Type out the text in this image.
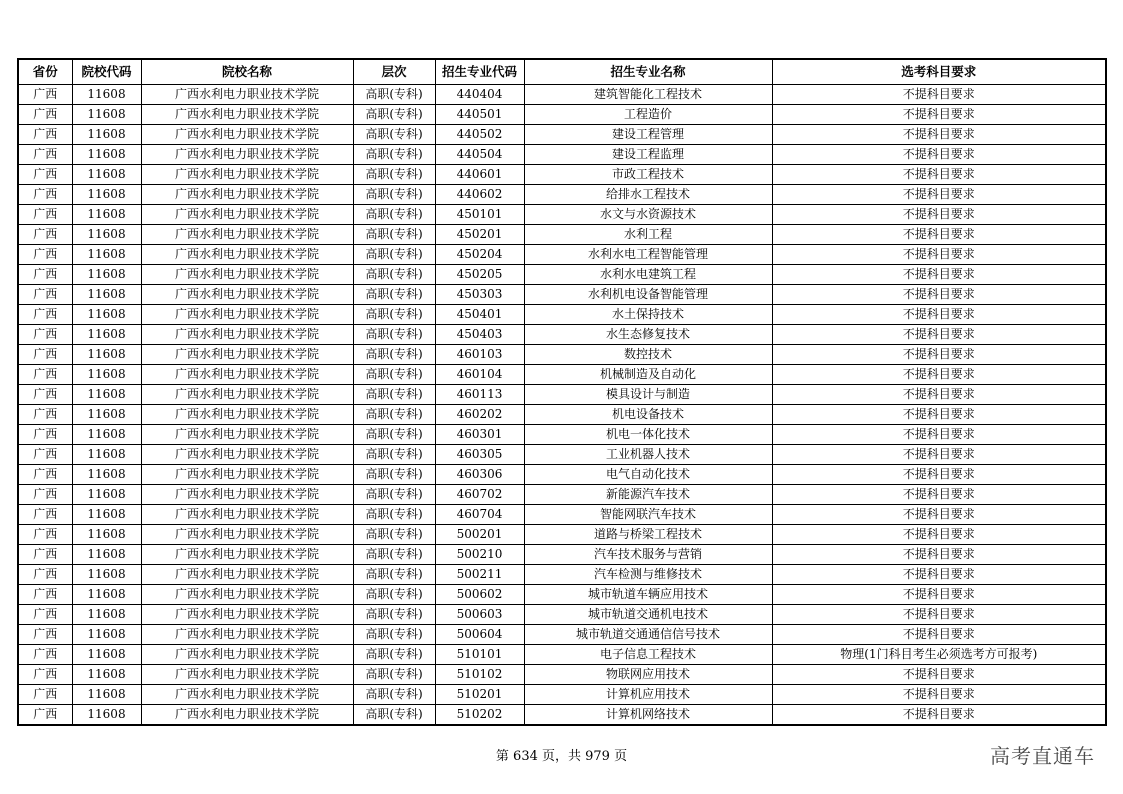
省份	院校代码	院校名称	层次	招生专业代码	招生专业名称	选考科目要求
广西	11608	广西水利电力职业技术学院	高职(专科)	440404	建筑智能化工程技术	不提科目要求
广西	11608	广西水利电力职业技术学院	高职(专科)	440501	工程造价	不提科目要求
广西	11608	广西水利电力职业技术学院	高职(专科)	440502	建设工程管理	不提科目要求
广西	11608	广西水利电力职业技术学院	高职(专科)	440504	建设工程监理	不提科目要求
广西	11608	广西水利电力职业技术学院	高职(专科)	440601	市政工程技术	不提科目要求
广西	11608	广西水利电力职业技术学院	高职(专科)	440602	给排水工程技术	不提科目要求
广西	11608	广西水利电力职业技术学院	高职(专科)	450101	水文与水资源技术	不提科目要求
广西	11608	广西水利电力职业技术学院	高职(专科)	450201	水利工程	不提科目要求
广西	11608	广西水利电力职业技术学院	高职(专科)	450204	水利水电工程智能管理	不提科目要求
广西	11608	广西水利电力职业技术学院	高职(专科)	450205	水利水电建筑工程	不提科目要求
广西	11608	广西水利电力职业技术学院	高职(专科)	450303	水利机电设备智能管理	不提科目要求
广西	11608	广西水利电力职业技术学院	高职(专科)	450401	水土保持技术	不提科目要求
广西	11608	广西水利电力职业技术学院	高职(专科)	450403	水生态修复技术	不提科目要求
广西	11608	广西水利电力职业技术学院	高职(专科)	460103	数控技术	不提科目要求
广西	11608	广西水利电力职业技术学院	高职(专科)	460104	机械制造及自动化	不提科目要求
广西	11608	广西水利电力职业技术学院	高职(专科)	460113	模具设计与制造	不提科目要求
广西	11608	广西水利电力职业技术学院	高职(专科)	460202	机电设备技术	不提科目要求
广西	11608	广西水利电力职业技术学院	高职(专科)	460301	机电一体化技术	不提科目要求
广西	11608	广西水利电力职业技术学院	高职(专科)	460305	工业机器人技术	不提科目要求
广西	11608	广西水利电力职业技术学院	高职(专科)	460306	电气自动化技术	不提科目要求
广西	11608	广西水利电力职业技术学院	高职(专科)	460702	新能源汽车技术	不提科目要求
广西	11608	广西水利电力职业技术学院	高职(专科)	460704	智能网联汽车技术	不提科目要求
广西	11608	广西水利电力职业技术学院	高职(专科)	500201	道路与桥梁工程技术	不提科目要求
广西	11608	广西水利电力职业技术学院	高职(专科)	500210	汽车技术服务与营销	不提科目要求
广西	11608	广西水利电力职业技术学院	高职(专科)	500211	汽车检测与维修技术	不提科目要求
广西	11608	广西水利电力职业技术学院	高职(专科)	500602	城市轨道车辆应用技术	不提科目要求
广西	11608	广西水利电力职业技术学院	高职(专科)	500603	城市轨道交通机电技术	不提科目要求
广西	11608	广西水利电力职业技术学院	高职(专科)	500604	城市轨道交通通信信号技术	不提科目要求
广西	11608	广西水利电力职业技术学院	高职(专科)	510101	电子信息工程技术	物理(1门科目考生必须选考方可报考)
广西	11608	广西水利电力职业技术学院	高职(专科)	510102	物联网应用技术	不提科目要求
广西	11608	广西水利电力职业技术学院	高职(专科)	510201	计算机应用技术	不提科目要求
广西	11608	广西水利电力职业技术学院	高职(专科)	510202	计算机网络技术	不提科目要求
第 634 页，共 979 页	高考直通车
